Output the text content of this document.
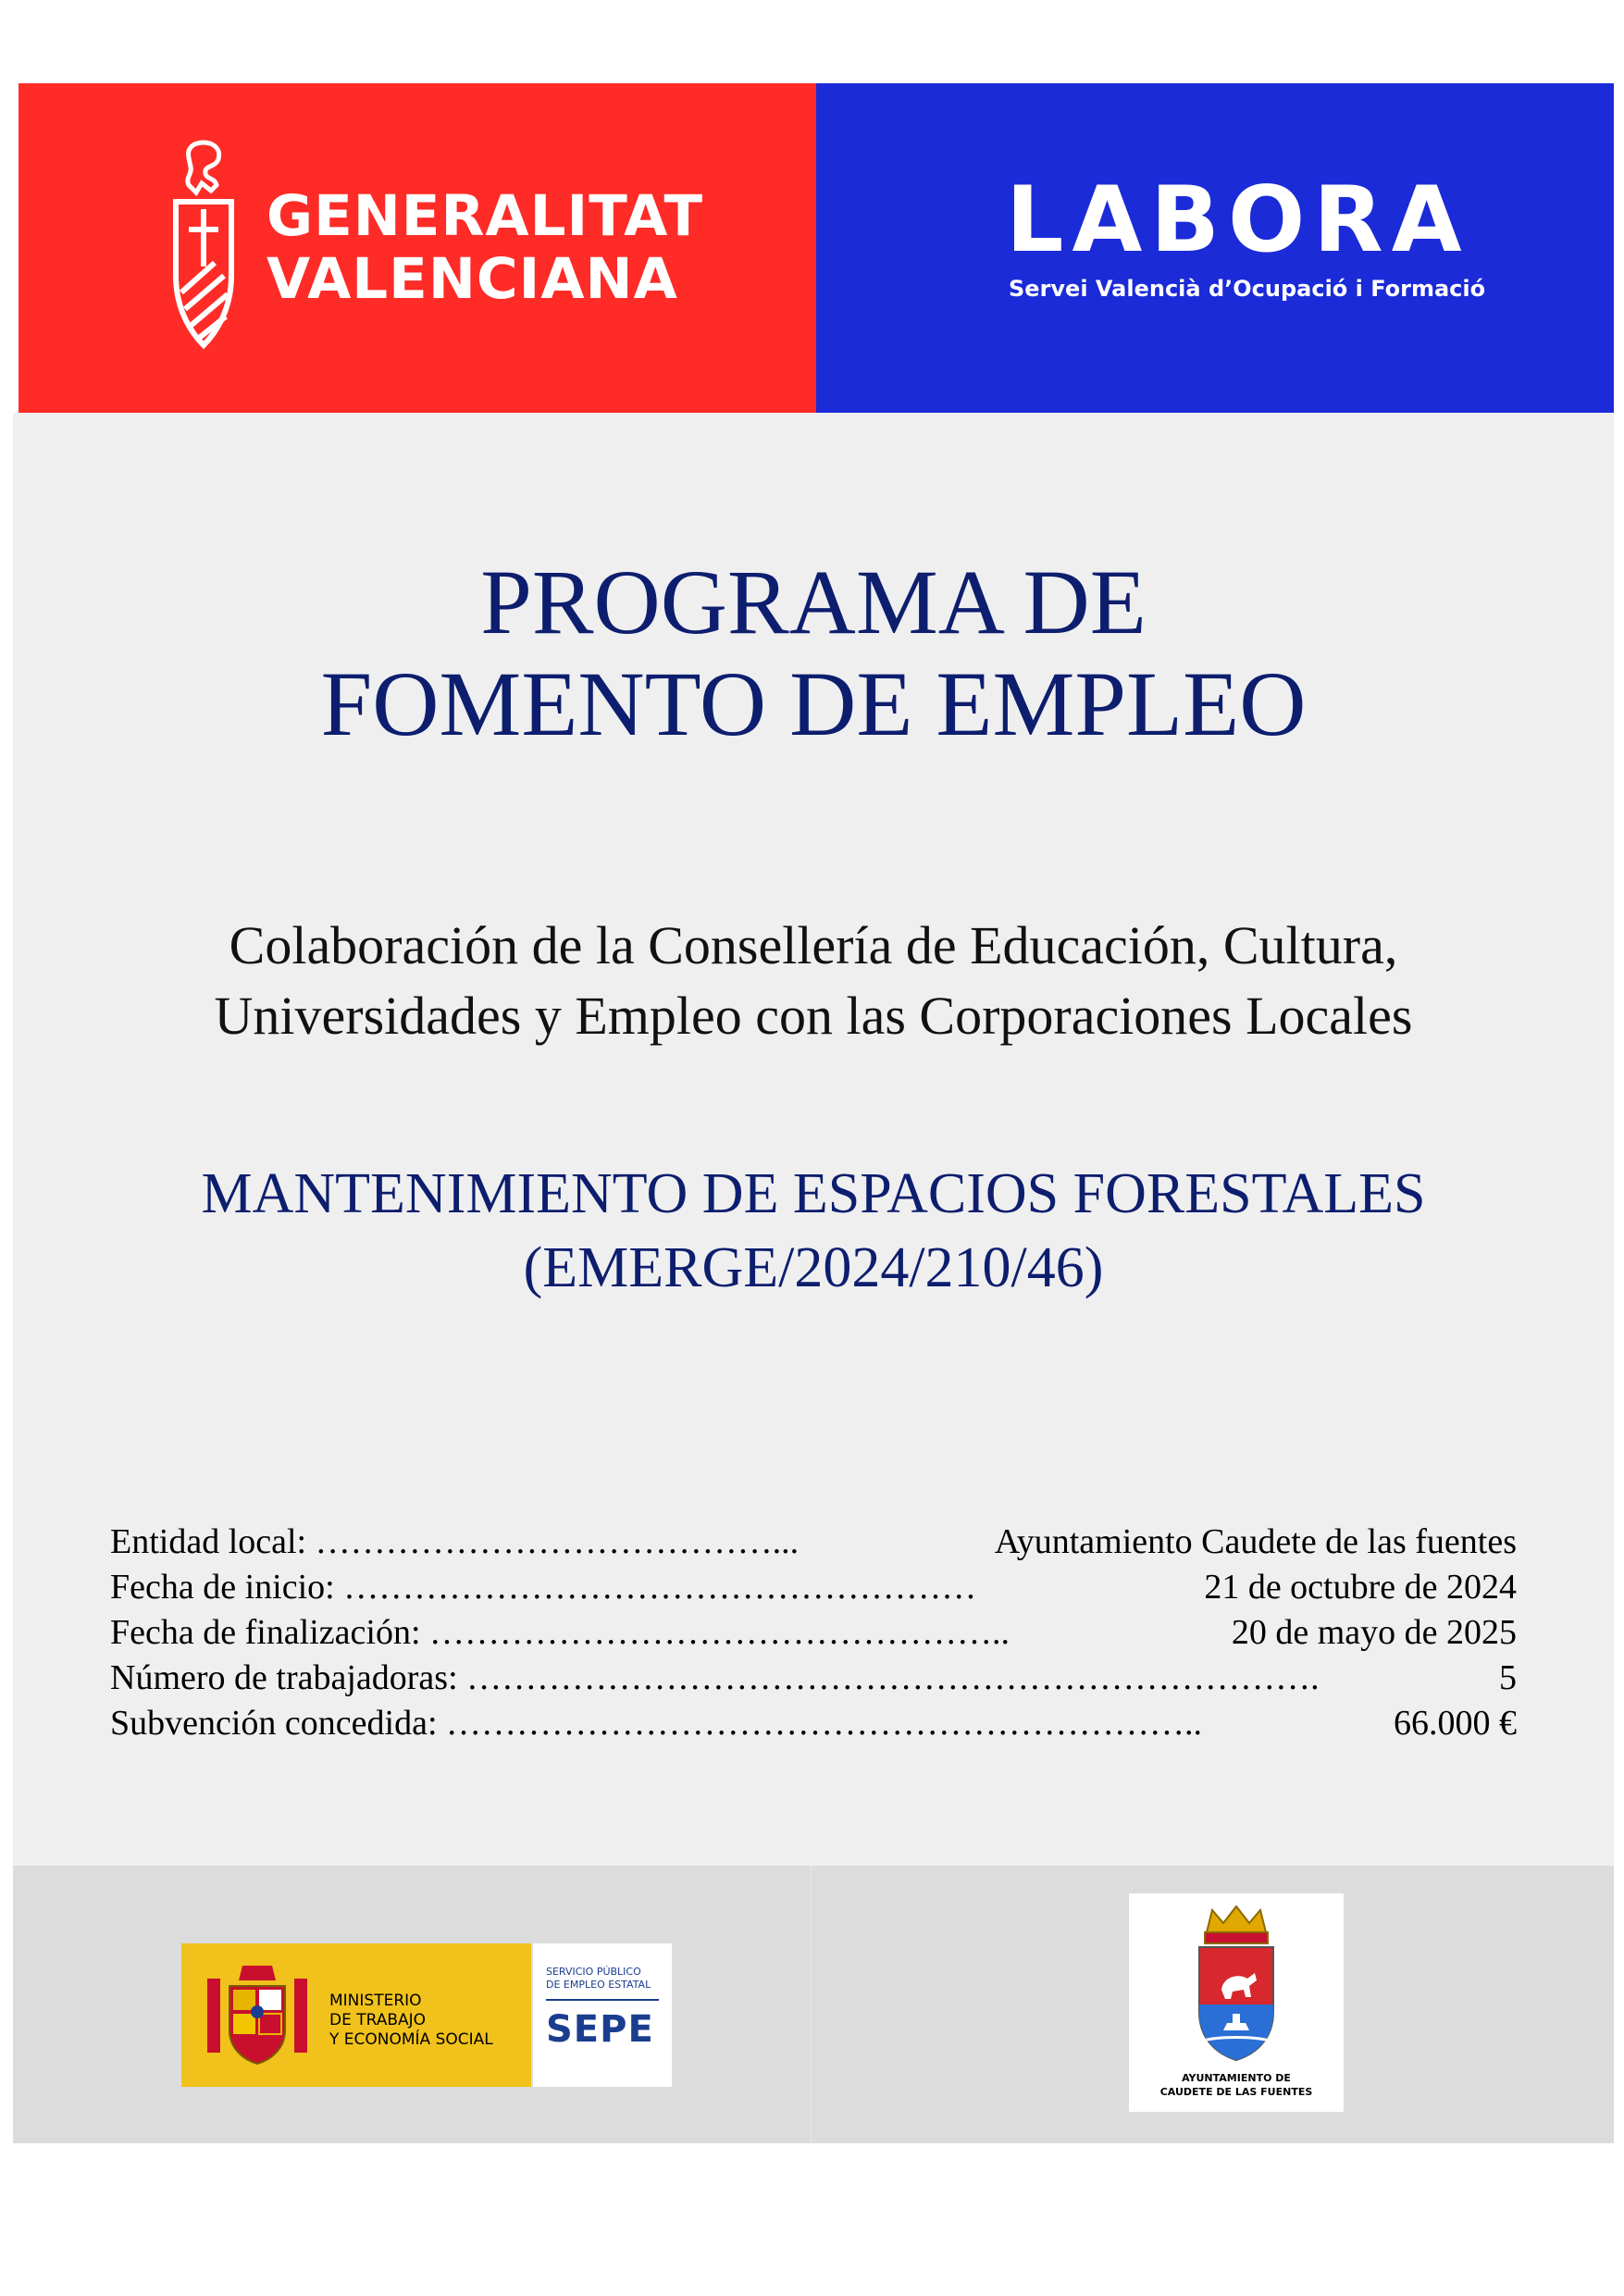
GENERALITAT
VALENCIANA
LABORA
Servei Valencià d’Ocupació i Formació
PROGRAMA DE
FOMENTO DE EMPLEO
Colaboración de la Consellería de Educación, Cultura,
Universidades y Empleo con las Corporaciones Locales
MANTENIMIENTO DE ESPACIOS FORESTALES
(EMERGE/2024/210/46)
Entidad local: …………………………………...	Ayuntamiento Caudete de las fuentes
Fecha de inicio: ………………………………………………	21 de octubre de 2024
Fecha de finalización: …………………………………………..	20 de mayo de 2025
Número de trabajadoras: ……………………………………………………………….	5
Subvención concedida: ………………………………………………………..	66.000 €
MINISTERIO
DE TRABAJO
Y ECONOMÍA SOCIAL
SERVICIO PÚBLICO
DE EMPLEO ESTATAL
SEPE
AYUNTAMIENTO DE
CAUDETE DE LAS FUENTES
